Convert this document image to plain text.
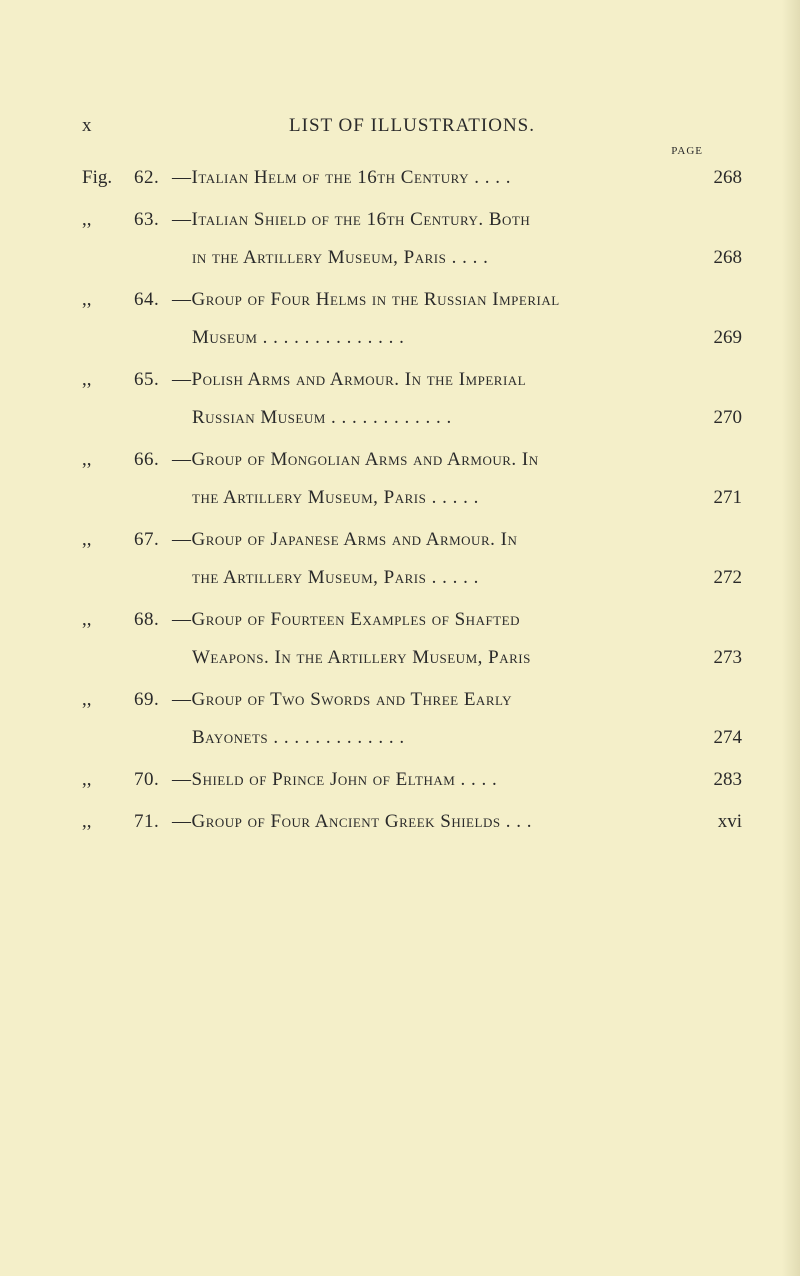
x	LIST OF ILLUSTRATIONS.
PAGE
Fig.	62. —Italian Helm of the 16th Century . . . .	268
,,	63. —Italian Shield of the 16th Century. Both
in the Artillery Museum, Paris . . . .	268
,,	64. —Group of Four Helms in the Russian Imperial
Museum . . . . . . . . . . . . . .	269
,,	65. —Polish Arms and Armour. In the Imperial
Russian Museum . . . . . . . . . . . .	270
,,	66. —Group of Mongolian Arms and Armour. In
the Artillery Museum, Paris . . . . .	271
,,	67. —Group of Japanese Arms and Armour. In
the Artillery Museum, Paris . . . . .	272
,,	68. —Group of Fourteen Examples of Shafted
Weapons. In the Artillery Museum, Paris	273
,,	69. —Group of Two Swords and Three Early
Bayonets . . . . . . . . . . . . .	274
,,	70. —Shield of Prince John of Eltham . . . .	283
,,	71. —Group of Four Ancient Greek Shields . . .	xvi
